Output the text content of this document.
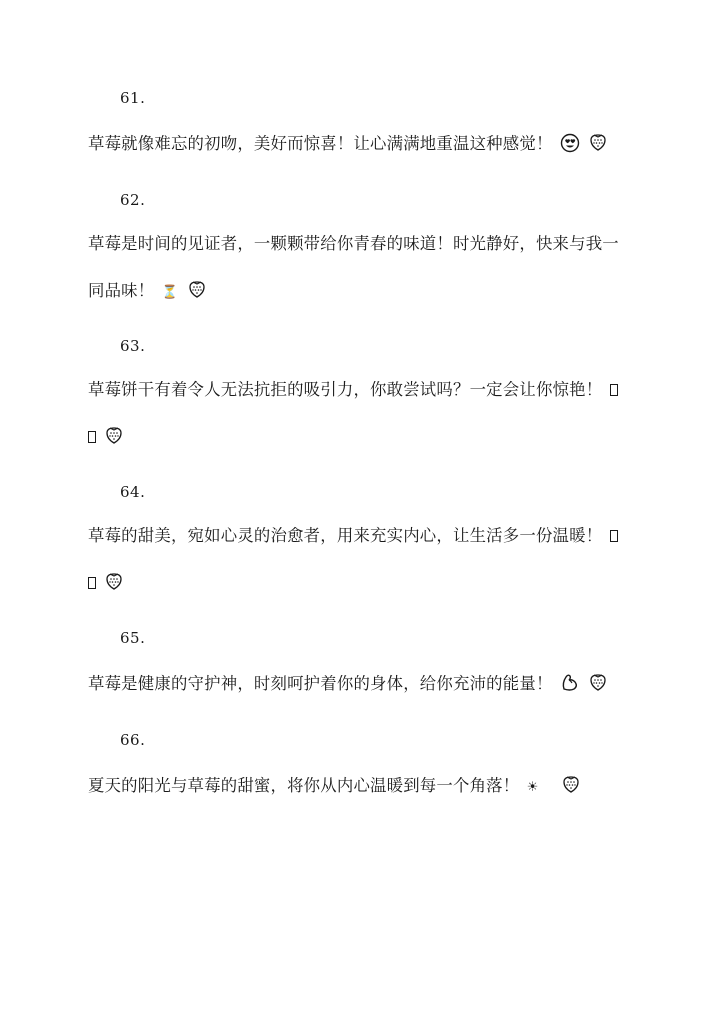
61.
草莓就像难忘的初吻，美好而惊喜！让心满满地重温这种感觉！
62.
草莓是时间的见证者，一颗颗带给你青春的味道！时光静好，快来与我一
同品味！ ⏳
63.
草莓饼干有着令人无法抗拒的吸引力，你敢尝试吗？一定会让你惊艳！

64.
草莓的甜美，宛如心灵的治愈者，用来充实内心，让生活多一份温暖！

65.
草莓是健康的守护神，时刻呵护着你的身体，给你充沛的能量！
66.
夏天的阳光与草莓的甜蜜，将你从内心温暖到每一个角落！ ☀
